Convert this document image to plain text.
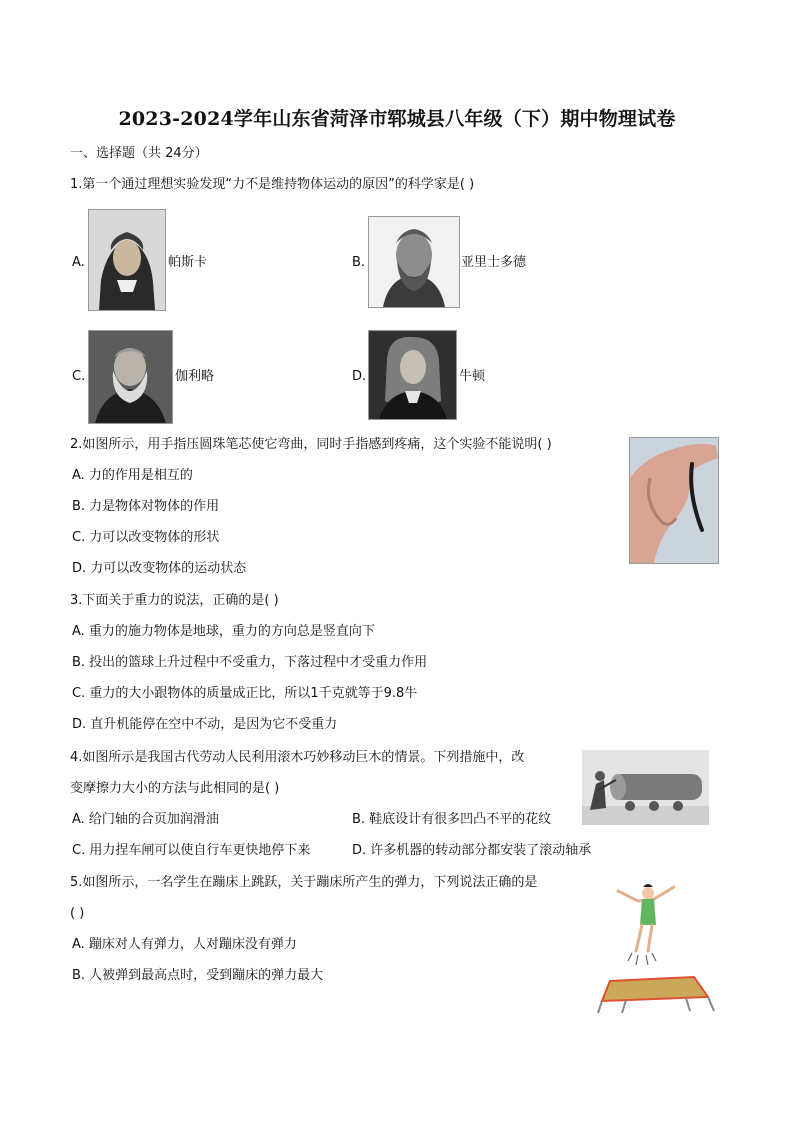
2023-2024学年山东省菏泽市郓城县八年级（下）期中物理试卷
一、选择题（共 24分）
1.第一个通过理想实验发现“力不是维持物体运动的原因”的科学家是( )
A.	帕斯卡	B.	亚里士多德
C.	伽利略	D.	牛顿
2.如图所示，用手指压圆珠笔芯使它弯曲，同时手指感到疼痛，这个实验不能说明( )
A. 力的作用是相互的
B. 力是物体对物体的作用
C. 力可以改变物体的形状
D. 力可以改变物体的运动状态
3.下面关于重力的说法，正确的是( )
A. 重力的施力物体是地球，重力的方向总是竖直向下
B. 投出的篮球上升过程中不受重力，下落过程中才受重力作用
C. 重力的大小跟物体的质量成正比，所以1千克就等于9.8牛
D. 直升机能停在空中不动，是因为它不受重力
4.如图所示是我国古代劳动人民利用滚木巧妙移动巨木的情景。下列措施中，改
变摩擦力大小的方法与此相同的是( )
A. 给门轴的合页加润滑油	B. 鞋底设计有很多凹凸不平的花纹
C. 用力捏车闸可以使自行车更快地停下来	D. 许多机器的转动部分都安装了滚动轴承
5.如图所示，一名学生在蹦床上跳跃，关于蹦床所产生的弹力，下列说法正确的是
( )
A. 蹦床对人有弹力，人对蹦床没有弹力
B. 人被弹到最高点时，受到蹦床的弹力最大
